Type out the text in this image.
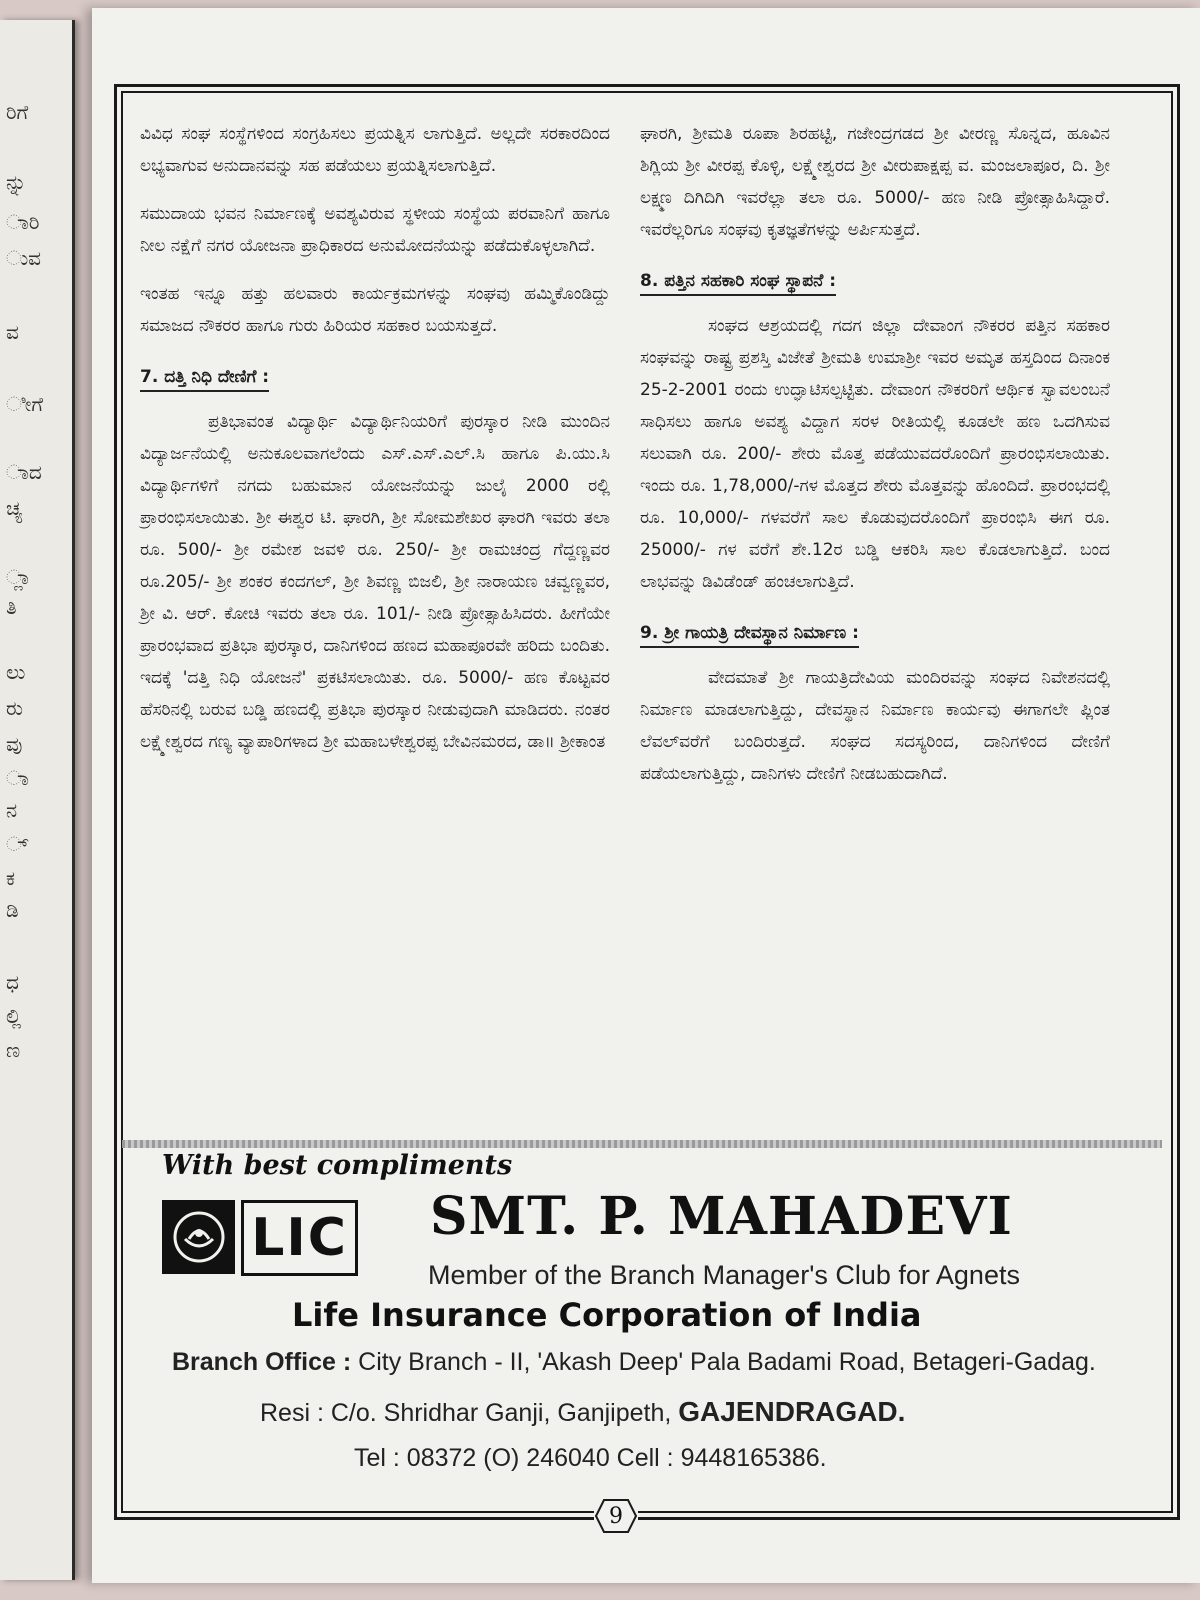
ರಿಗೆ
ನ್ನು
ಾರಿ
ುವ
ವ
ೀಗೆ
ಾದ
ಚ್ಯ
್ಲಾ
ತಿ
ಲು
ರು
ವು
ಾ
ನ
್
ಕ
ಡಿ
ಧ
ಲ್ಲಿ
ಣ

ವಿವಿಧ ಸಂಘ ಸಂಸ್ಥೆಗಳಿಂದ ಸಂಗ್ರಹಿಸಲು ಪ್ರಯತ್ನಿಸ ಲಾಗುತ್ತಿದೆ. ಅಲ್ಲದೇ ಸರಕಾರದಿಂದ ಲಭ್ಯವಾಗುವ ಅನುದಾನವನ್ನು ಸಹ ಪಡೆಯಲು ಪ್ರಯತ್ನಿಸಲಾಗುತ್ತಿದೆ.

ಸಮುದಾಯ ಭವನ ನಿರ್ಮಾಣಕ್ಕೆ ಅವಶ್ಯವಿರುವ ಸ್ಥಳೀಯ ಸಂಸ್ಥೆಯ ಪರವಾನಿಗೆ ಹಾಗೂ ನೀಲ ನಕ್ಷೆಗೆ ನಗರ ಯೋಜನಾ ಪ್ರಾಧಿಕಾರದ ಅನುಮೋದನೆಯನ್ನು ಪಡೆದುಕೊಳ್ಳಲಾಗಿದೆ.

ಇಂತಹ ಇನ್ನೂ ಹತ್ತು ಹಲವಾರು ಕಾರ್ಯಕ್ರಮಗಳನ್ನು ಸಂಘವು ಹಮ್ಮಿಕೊಂಡಿದ್ದು ಸಮಾಜದ ನೌಕರರ ಹಾಗೂ ಗುರು ಹಿರಿಯರ ಸಹಕಾರ ಬಯಸುತ್ತದೆ.

7. ದತ್ತಿ ನಿಧಿ ದೇಣಿಗೆ :

ಪ್ರತಿಭಾವಂತ ವಿದ್ಯಾರ್ಥಿ ವಿದ್ಯಾರ್ಥಿನಿಯರಿಗೆ ಪುರಸ್ಕಾರ ನೀಡಿ ಮುಂದಿನ ವಿದ್ಯಾರ್ಜನೆಯಲ್ಲಿ ಅನುಕೂಲವಾಗಲೆಂದು ಎಸ್.ಎಸ್.ಎಲ್.ಸಿ ಹಾಗೂ ಪಿ.ಯು.ಸಿ ವಿದ್ಯಾರ್ಥಿಗಳಿಗೆ ನಗದು ಬಹುಮಾನ ಯೋಜನೆಯನ್ನು ಜುಲೈ 2000 ರಲ್ಲಿ ಪ್ರಾರಂಭಿಸಲಾಯಿತು. ಶ್ರೀ ಈಶ್ವರ ಟಿ. ಘಾರಗಿ, ಶ್ರೀ ಸೋಮಶೇಖರ ಘಾರಗಿ ಇವರು ತಲಾ ರೂ. 500/- ಶ್ರೀ ರಮೇಶ ಜವಳಿ ರೂ. 250/- ಶ್ರೀ ರಾಮಚಂದ್ರ ಗೆದ್ದಣ್ಣವರ ರೂ.205/- ಶ್ರೀ ಶಂಕರ ಕಂದಗಲ್, ಶ್ರೀ ಶಿವಣ್ಣ ಬಿಜಲಿ, ಶ್ರೀ ನಾರಾಯಣ ಚವ್ವಣ್ಣವರ, ಶ್ರೀ ವಿ. ಆರ್. ಕೋಚಿ ಇವರು ತಲಾ ರೂ. 101/- ನೀಡಿ ಪ್ರೋತ್ಸಾಹಿಸಿದರು. ಹೀಗೆಯೇ ಪ್ರಾರಂಭವಾದ ಪ್ರತಿಭಾ ಪುರಸ್ಕಾರ, ದಾನಿಗಳಿಂದ ಹಣದ ಮಹಾಪೂರವೇ ಹರಿದು ಬಂದಿತು. ಇದಕ್ಕೆ 'ದತ್ತಿ ನಿಧಿ ಯೋಜನೆ' ಪ್ರಕಟಿಸಲಾಯಿತು. ರೂ. 5000/- ಹಣ ಕೊಟ್ಟವರ ಹೆಸರಿನಲ್ಲಿ ಬರುವ ಬಡ್ಡಿ ಹಣದಲ್ಲಿ ಪ್ರತಿಭಾ ಪುರಸ್ಕಾರ ನೀಡುವುದಾಗಿ ಮಾಡಿದರು. ನಂತರ ಲಕ್ಷ್ಮೇಶ್ವರದ ಗಣ್ಯ ವ್ಯಾಪಾರಿಗಳಾದ ಶ್ರೀ ಮಹಾಬಳೇಶ್ವರಪ್ಪ ಬೇವಿನಮರದ, ಡಾ॥ ಶ್ರೀಕಾಂತ

ಘಾರಗಿ, ಶ್ರೀಮತಿ ರೂಪಾ ಶಿರಹಟ್ಟಿ, ಗಜೇಂದ್ರಗಡದ ಶ್ರೀ ವೀರಣ್ಣ ಸೊನ್ನದ, ಹೂವಿನ ಶಿಗ್ಲಿಯ ಶ್ರೀ ವೀರಪ್ಪ ಕೊಳ್ಳಿ, ಲಕ್ಷ್ಮೇಶ್ವರದ ಶ್ರೀ ವೀರುಪಾಕ್ಷಪ್ಪ ವ. ಮಂಜಲಾಪೂರ, ದಿ. ಶ್ರೀ ಲಕ್ಷ್ಮಣ ದಿಗಿದಿಗಿ ಇವರೆಲ್ಲಾ ತಲಾ ರೂ. 5000/- ಹಣ ನೀಡಿ ಪ್ರೋತ್ಸಾಹಿಸಿದ್ದಾರೆ. ಇವರೆಲ್ಲರಿಗೂ ಸಂಘವು ಕೃತಜ್ಞತೆಗಳನ್ನು ಅರ್ಪಿಸುತ್ತದೆ.

8. ಪತ್ತಿನ ಸಹಕಾರಿ ಸಂಘ ಸ್ಥಾಪನೆ :

ಸಂಘದ ಆಶ್ರಯದಲ್ಲಿ ಗದಗ ಜಿಲ್ಲಾ ದೇವಾಂಗ ನೌಕರರ ಪತ್ತಿನ ಸಹಕಾರ ಸಂಘವನ್ನು ರಾಷ್ಟ್ರ ಪ್ರಶಸ್ತಿ ವಿಜೇತೆ ಶ್ರೀಮತಿ ಉಮಾಶ್ರೀ ಇವರ ಅಮೃತ ಹಸ್ತದಿಂದ ದಿನಾಂಕ 25-2-2001 ರಂದು ಉದ್ಘಾಟಿಸಲ್ಪಟ್ಟಿತು. ದೇವಾಂಗ ನೌಕರರಿಗೆ ಆರ್ಥಿಕ ಸ್ವಾವಲಂಬನೆ ಸಾಧಿಸಲು ಹಾಗೂ ಅವಶ್ಯ ವಿದ್ದಾಗ ಸರಳ ರೀತಿಯಲ್ಲಿ ಕೂಡಲೇ ಹಣ ಒದಗಿಸುವ ಸಲುವಾಗಿ ರೂ. 200/- ಶೇರು ಮೊತ್ತ ಪಡೆಯುವದರೊಂದಿಗೆ ಪ್ರಾರಂಭಿಸಲಾಯಿತು. ಇಂದು ರೂ. 1,78,000/-ಗಳ ಮೊತ್ತದ ಶೇರು ಮೊತ್ತವನ್ನು ಹೊಂದಿದೆ. ಪ್ರಾರಂಭದಲ್ಲಿ ರೂ. 10,000/- ಗಳವರೆಗೆ ಸಾಲ ಕೊಡುವುದರೊಂದಿಗೆ ಪ್ರಾರಂಭಿಸಿ ಈಗ ರೂ. 25000/- ಗಳ ವರೆಗೆ ಶೇ.12ರ ಬಡ್ಡಿ ಆಕರಿಸಿ ಸಾಲ ಕೊಡಲಾಗುತ್ತಿದೆ. ಬಂದ ಲಾಭವನ್ನು ಡಿವಿಡೆಂಡ್ ಹಂಚಲಾಗುತ್ತಿದೆ.

9. ಶ್ರೀ ಗಾಯತ್ರಿ ದೇವಸ್ಥಾನ ನಿರ್ಮಾಣ :

ವೇದಮಾತೆ ಶ್ರೀ ಗಾಯತ್ರಿದೇವಿಯ ಮಂದಿರವನ್ನು ಸಂಘದ ನಿವೇಶನದಲ್ಲಿ ನಿರ್ಮಾಣ ಮಾಡಲಾಗುತ್ತಿದ್ದು, ದೇವಸ್ಥಾನ ನಿರ್ಮಾಣ ಕಾರ್ಯವು ಈಗಾಗಲೇ ಪ್ಲಿಂತ ಲೆವಲ್‌ವರೆಗೆ ಬಂದಿರುತ್ತದೆ. ಸಂಘದ ಸದಸ್ಯರಿಂದ, ದಾನಿಗಳಿಂದ ದೇಣಿಗೆ ಪಡೆಯಲಾಗುತ್ತಿದ್ದು, ದಾನಿಗಳು ದೇಣಿಗೆ ನೀಡಬಹುದಾಗಿದೆ.

With best compliments
LIC SMT. P. MAHADEVI
Member of the Branch Manager's Club for Agnets
Life Insurance Corporation of India
Branch Office : City Branch - II, 'Akash Deep' Pala Badami Road, Betageri-Gadag.
Resi : C/o. Shridhar Ganji, Ganjipeth, GAJENDRAGAD.
Tel : 08372 (O) 246040 Cell : 9448165386.
9
